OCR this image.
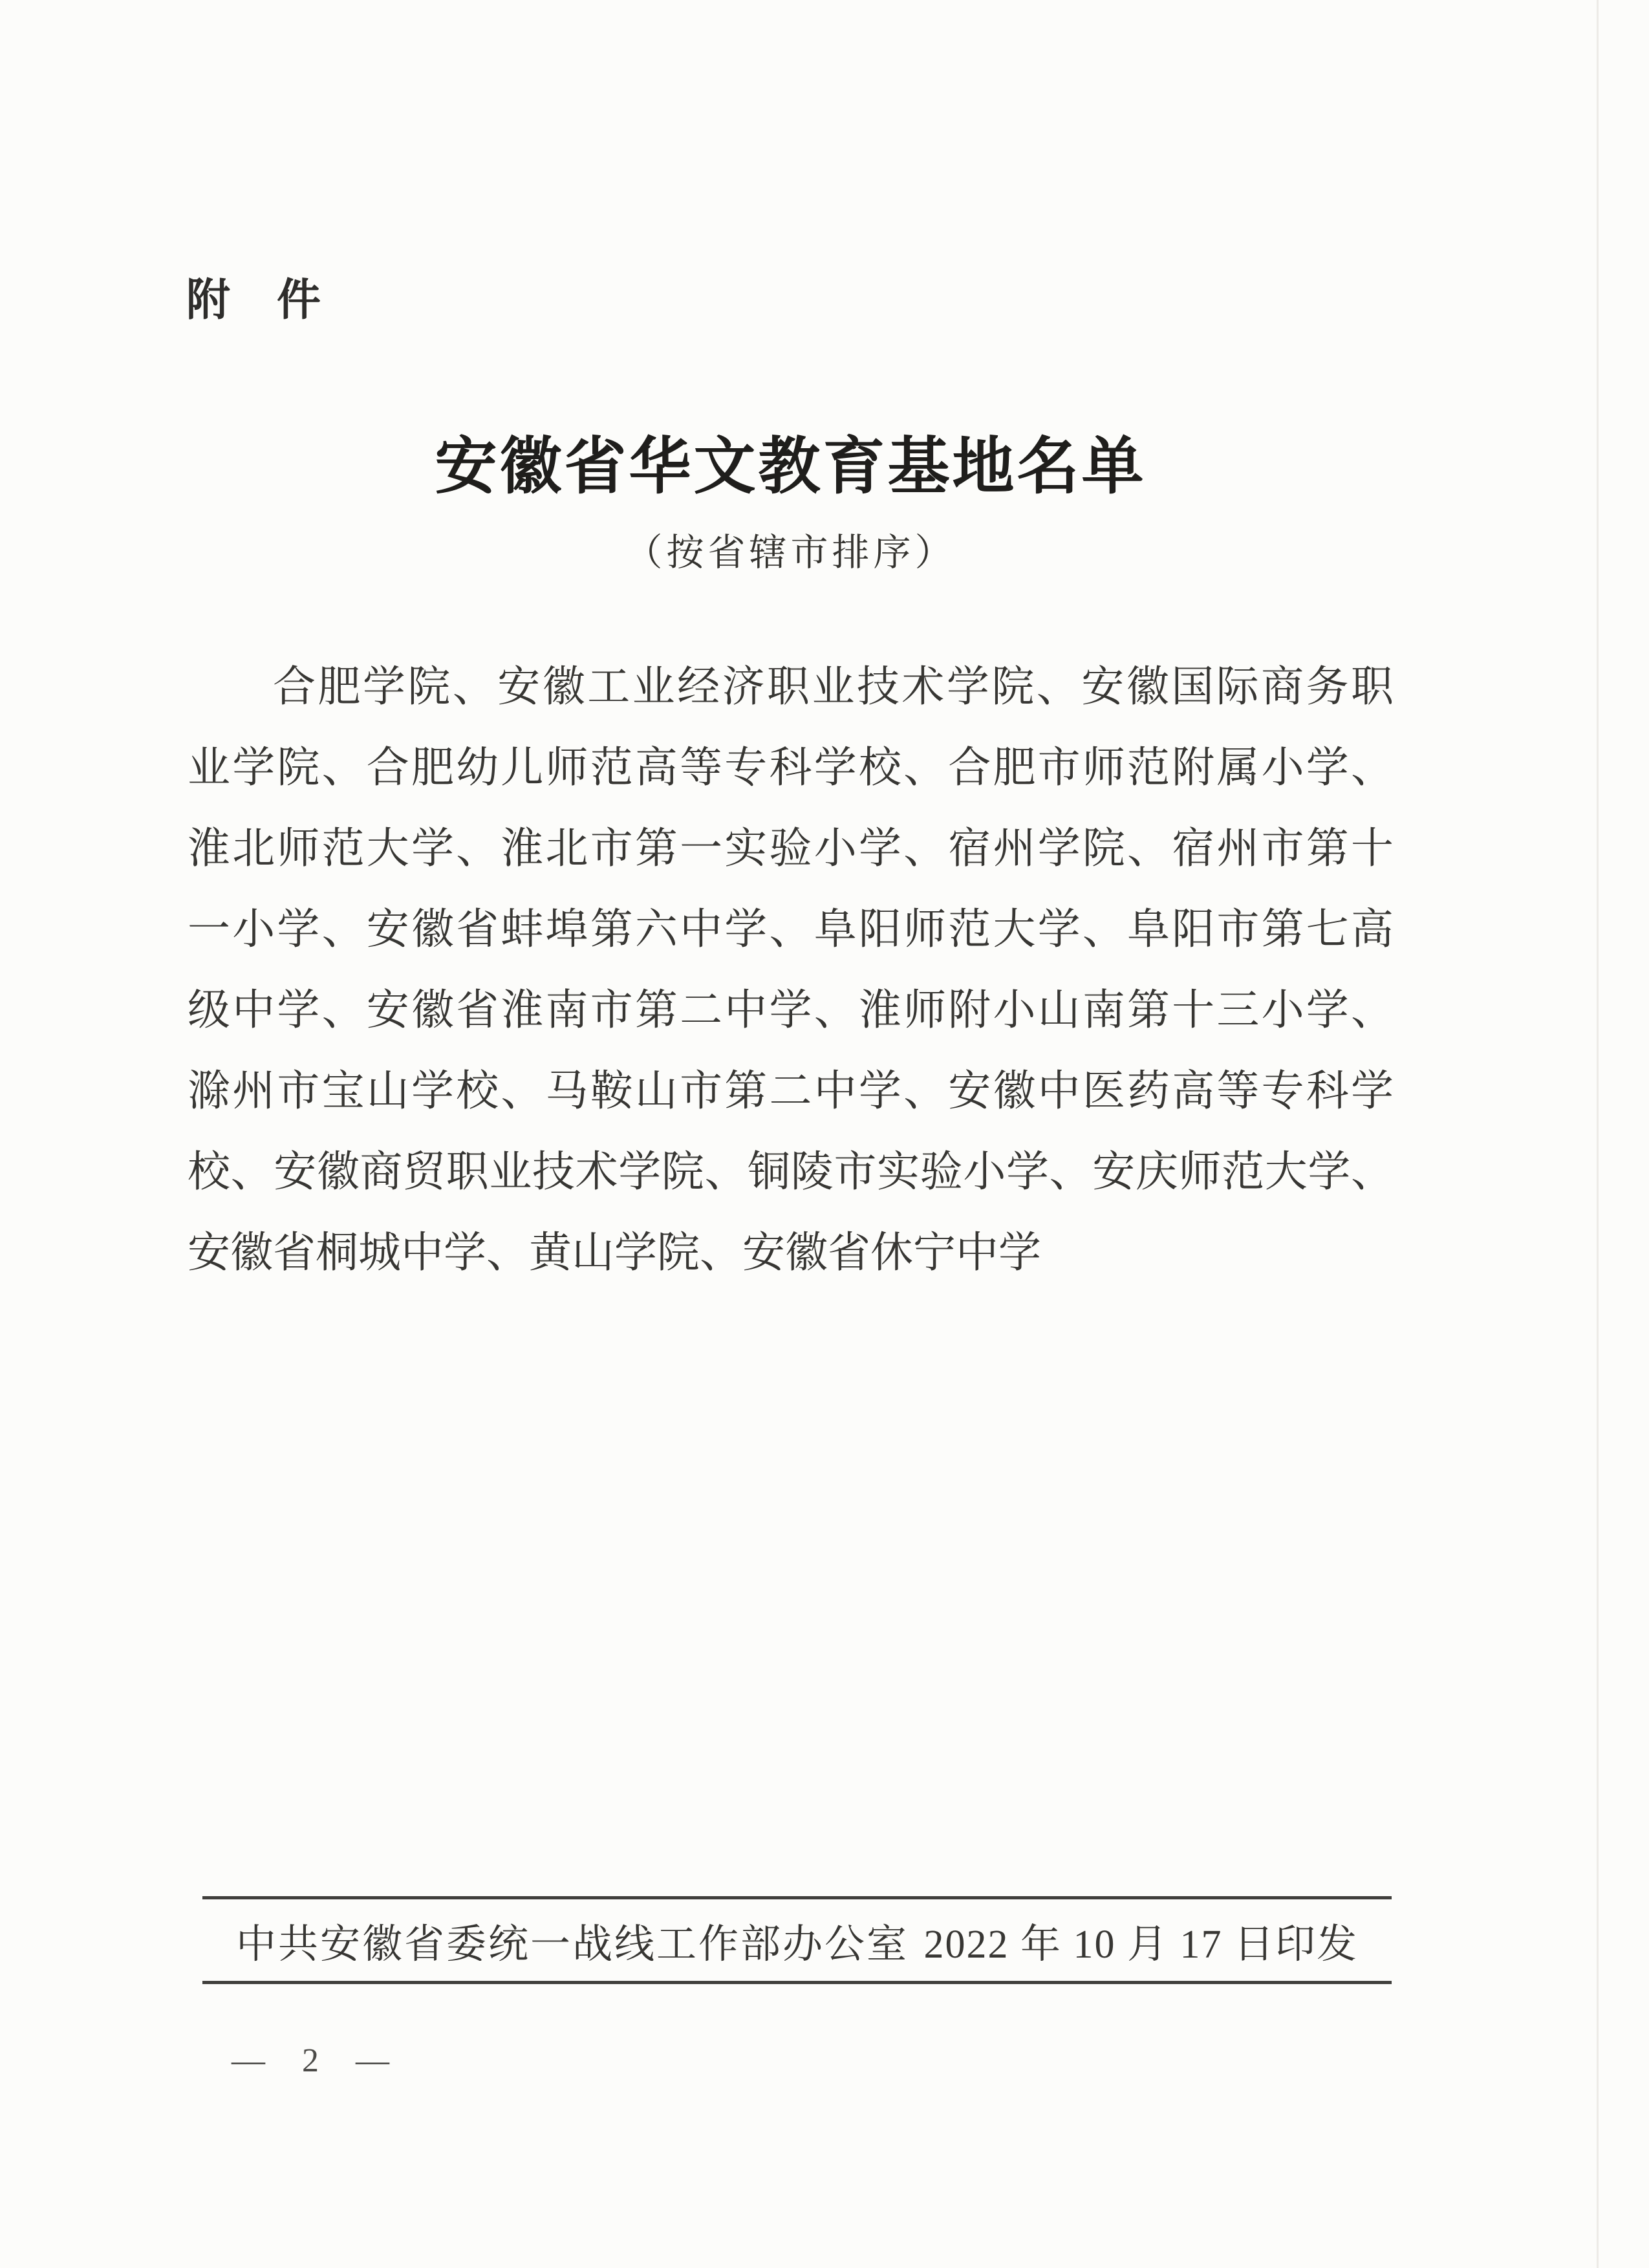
附　件
安徽省华文教育基地名单
（按省辖市排序）
合肥学院、安徽工业经济职业技术学院、安徽国际商务职
业学院、合肥幼儿师范高等专科学校、合肥市师范附属小学、
淮北师范大学、淮北市第一实验小学、宿州学院、宿州市第十
一小学、安徽省蚌埠第六中学、阜阳师范大学、阜阳市第七高
级中学、安徽省淮南市第二中学、淮师附小山南第十三小学、
滁州市宝山学校、马鞍山市第二中学、安徽中医药高等专科学
校、安徽商贸职业技术学院、铜陵市实验小学、安庆师范大学、
安徽省桐城中学、黄山学院、安徽省休宁中学
中共安徽省委统一战线工作部办公室 2022 年 10 月 17 日印发
— 2 —
